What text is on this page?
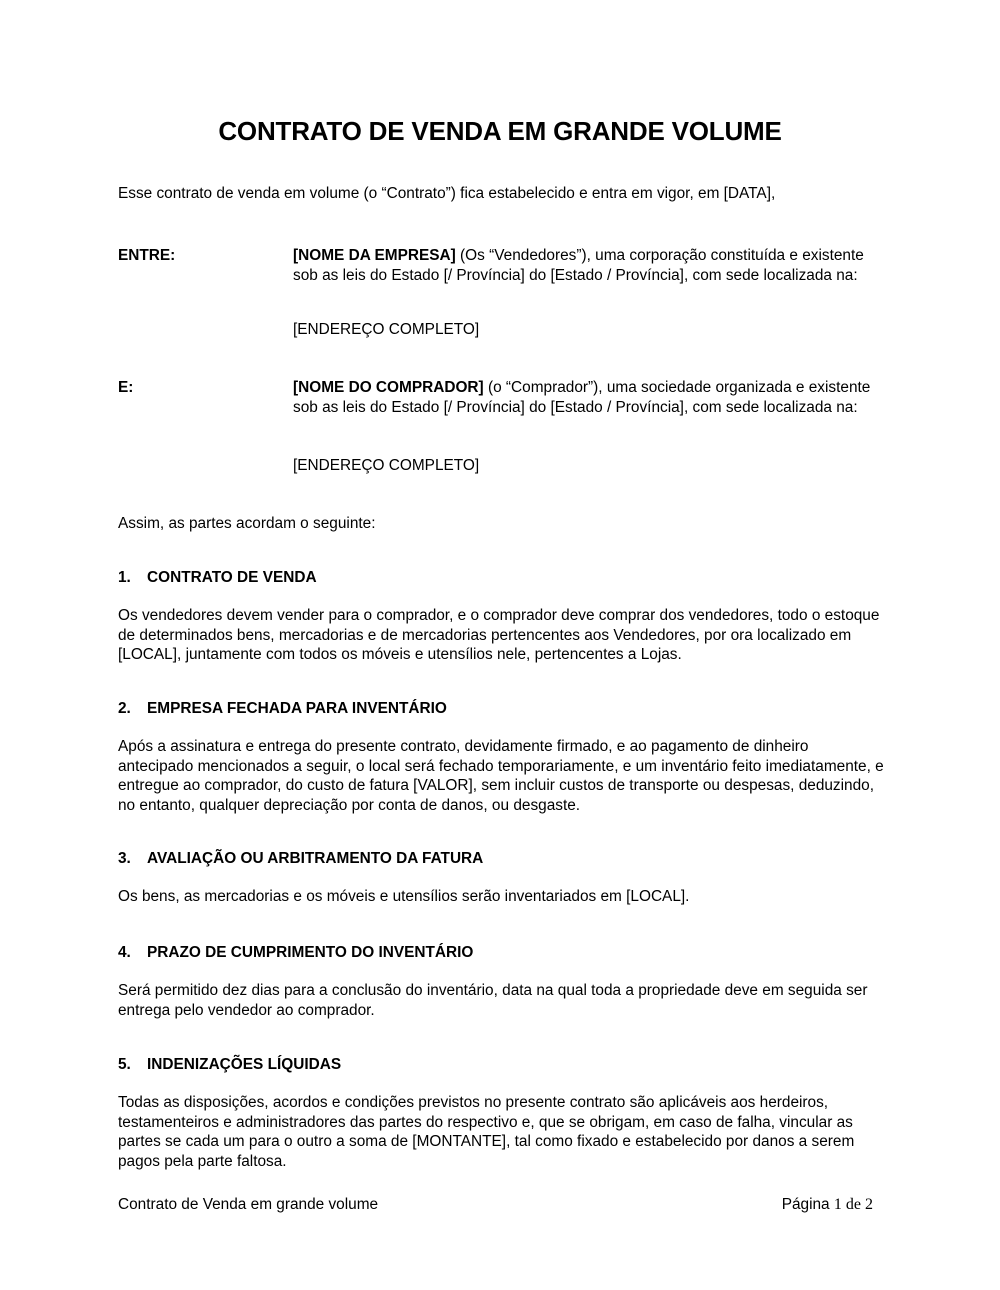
CONTRATO DE VENDA EM GRANDE VOLUME
Esse contrato de venda em volume (o “Contrato”) fica estabelecido e entra em vigor, em [DATA],
ENTRE:	[NOME DA EMPRESA] (Os “Vendedores”), uma corporação constituída e existente sob as leis do Estado [/ Província] do [Estado / Província], com sede localizada na:
[ENDEREÇO COMPLETO]
E:	[NOME DO COMPRADOR] (o “Comprador”), uma sociedade organizada e existente sob as leis do Estado [/ Província] do [Estado / Província], com sede localizada na:
[ENDEREÇO COMPLETO]
Assim, as partes acordam o seguinte:
1. CONTRATO DE VENDA
Os vendedores devem vender para o comprador, e o comprador deve comprar dos vendedores, todo o estoque de determinados bens, mercadorias e de mercadorias pertencentes aos Vendedores, por ora localizado em [LOCAL], juntamente com todos os móveis e utensílios nele, pertencentes a Lojas.
2. EMPRESA FECHADA PARA INVENTÁRIO
Após a assinatura e entrega do presente contrato, devidamente firmado, e ao pagamento de dinheiro antecipado mencionados a seguir, o local será fechado temporariamente, e um inventário feito imediatamente, e entregue ao comprador, do custo de fatura [VALOR], sem incluir custos de transporte ou despesas, deduzindo, no entanto, qualquer depreciação por conta de danos, ou desgaste.
3. AVALIAÇÃO OU ARBITRAMENTO DA FATURA
Os bens, as mercadorias e os móveis e utensílios serão inventariados em [LOCAL].
4. PRAZO DE CUMPRIMENTO DO INVENTÁRIO
Será permitido dez dias para a conclusão do inventário, data na qual toda a propriedade deve em seguida ser entrega pelo vendedor ao comprador.
5. INDENIZAÇÕES LÍQUIDAS
Todas as disposições, acordos e condições previstos no presente contrato são aplicáveis aos herdeiros, testamenteiros e administradores das partes do respectivo e, que se obrigam, em caso de falha, vincular as partes se cada um para o outro a soma de [MONTANTE], tal como fixado e estabelecido por danos a serem pagos pela parte faltosa.
Contrato de Venda em grande volume	Página 1 de 2
